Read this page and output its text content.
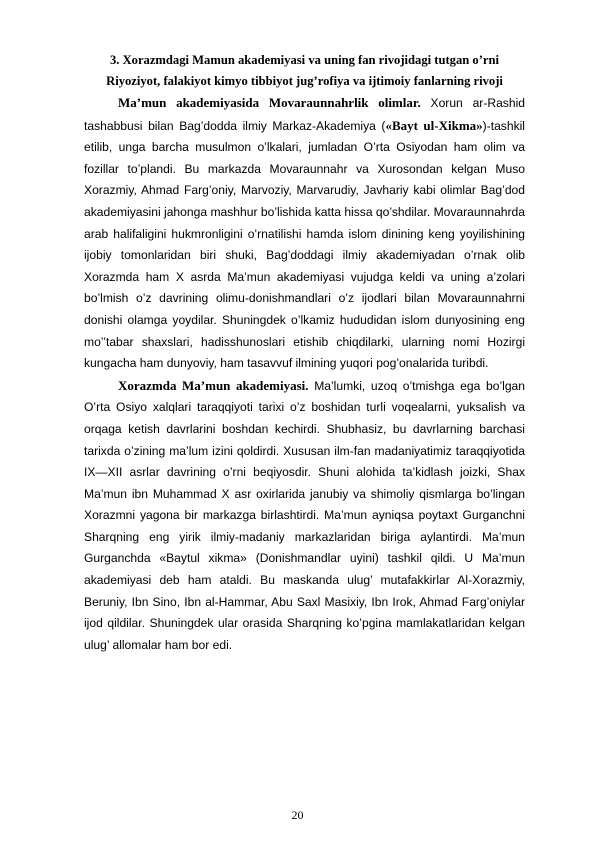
3. Xorazmdagi Mamun akademiyasi va uning fan rivojidagi tutgan o’rni

Riyoziyot, falakiyot kimyo tibbiyot jug’rofiya va ijtimoiy fanlarning rivoji

Ma’mun akademiyasida Movaraunnahrlik olimlar. Xorun ar-Rashid tashabbusi bilan Bag’dodda ilmiy Markaz-Akademiya («Bayt ul-Xikma»)-tashkil etilib, unga barcha musulmon o’lkalari, jumladan O’rta Osiyodan ham olim va fozillar to’plandi. Bu markazda Movaraunnahr va Xurosondan kelgan Muso Xorazmiy, Ahmad Farg’oniy, Marvoziy, Marvarudiy, Javhariy kabi olimlar Bag’dod akademiyasini jahonga mashhur bo’lishida katta hissa qo’shdilar. Movaraunnahrda arab halifaligini hukmronligini o’rnatilishi hamda islom dinining keng yoyilishining ijobiy tomonlaridan biri shuki, Bag’doddagi ilmiy akademiyadan o’rnak olib Xorazmda ham X asrda Ma’mun akademiyasi vujudga keldi va uning a’zolari bo’lmish o’z davrining olimu-donishmandlari o’z ijodlari bilan Movaraunnahrni donishi olamga yoydilar. Shuningdek o’lkamiz hududidan islom dunyosining eng mo’’tabar shaxslari, hadisshunoslari etishib chiqdilarki, ularning nomi Hozirgi kungacha ham dunyoviy, ham tasavvuf ilmining yuqori pog’onalarida turibdi.

Xorazmda Ma’mun akademiyasi. Ma’lumki, uzoq o’tmishga ega bo’lgan O’rta Osiyo xalqlari taraqqiyoti tarixi o’z boshidan turli voqealarni, yuksalish va orqaga ketish davrlarini boshdan kechirdi. Shubhasiz, bu davrlarning barchasi tarixda o’zining ma’lum izini qoldirdi. Xususan ilm-fan madaniyatimiz taraqqiyotida IX—XII asrlar davrining o’rni beqiyosdir. Shuni alohida ta’kidlash joizki, Shax Ma’mun ibn Muhammad X asr oxirlarida janubiy va shimoliy qismlarga bo’lingan Xorazmni yagona bir markazga birlashtirdi. Ma’mun ayniqsa poytaxt Gurganchni Sharqning eng yirik ilmiy-madaniy markazlaridan biriga aylantirdi. Ma’mun Gurganchda «Baytul xikma» (Donishmandlar uyini) tashkil qildi. U Ma’mun akademiyasi deb ham ataldi. Bu maskanda ulug’ mutafakkirlar Al-Xorazmiy, Beruniy, Ibn Sino, Ibn al-Hammar, Abu Saxl Masixiy, Ibn Irok, Ahmad Farg’oniylar ijod qildilar. Shuningdek ular orasida Sharqning ko’pgina mamlakatlaridan kelgan ulug’ allomalar ham bor edi.

20
